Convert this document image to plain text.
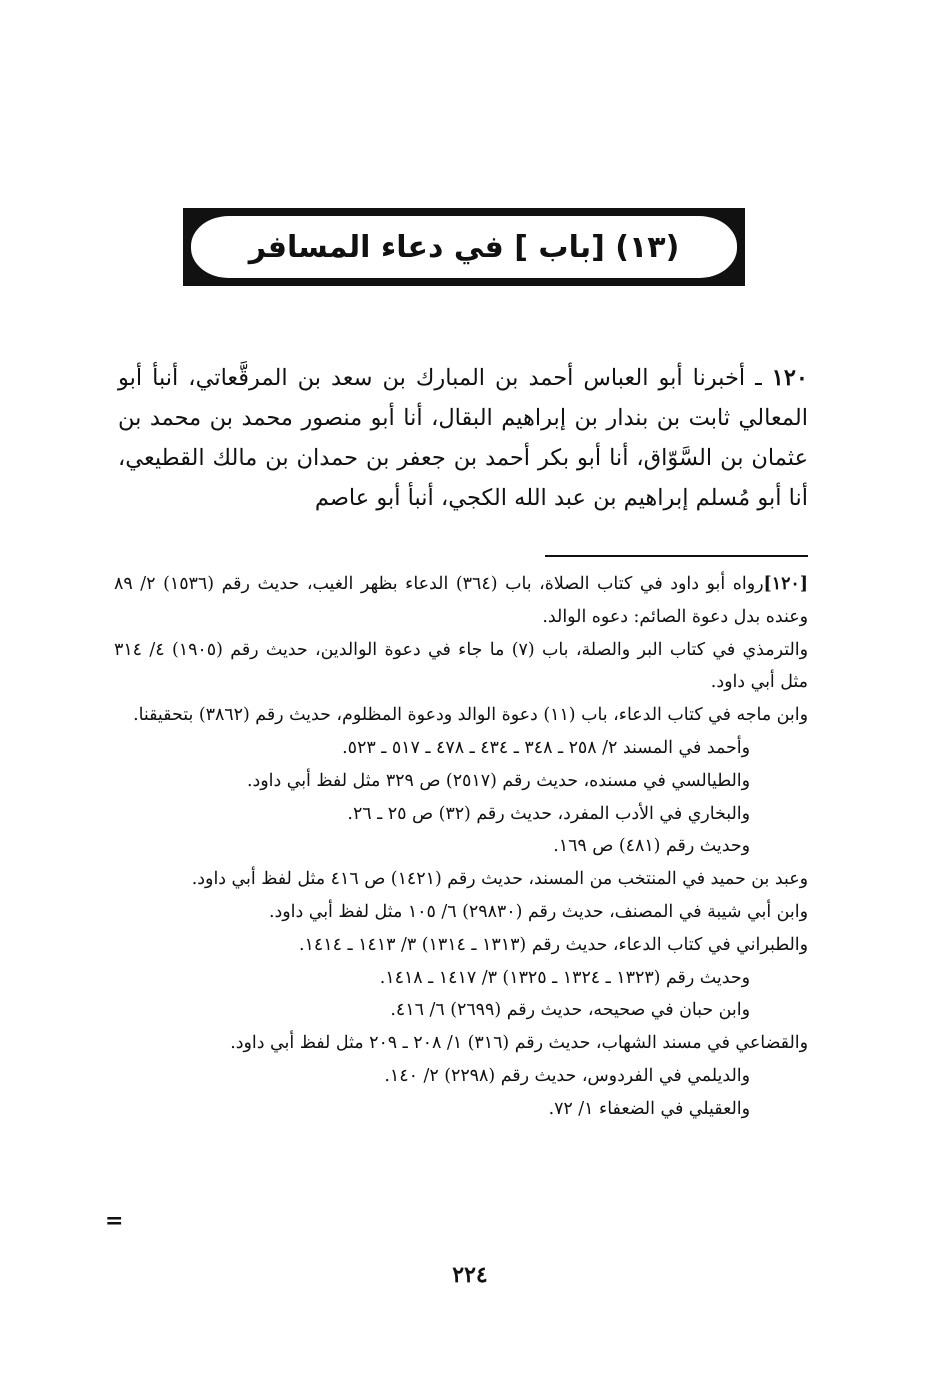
(١٣) [باب ] في دعاء المسافر

١٢٠ ـ أخبرنا أبو العباس أحمد بن المبارك بن سعد بن المرقَّعاتي، أنبأ أبو المعالي ثابت بن بندار بن إبراهيم البقال، أنا أبو منصور محمد بن محمد بن عثمان بن السَّوّاق، أنا أبو بكر أحمد بن جعفر بن حمدان بن مالك القطيعي، أنا أبو مُسلم إبراهيم بن عبد الله الكجي، أنبأ أبو عاصم

[١٢٠]رواه أبو داود في كتاب الصلاة، باب (٣٦٤) الدعاء بظهر الغيب، حديث رقم (١٥٣٦) ٢/ ٨٩ وعنده بدل دعوة الصائم: دعوه الوالد.

والترمذي في كتاب البر والصلة، باب (٧) ما جاء في دعوة الوالدين، حديث رقم (١٩٠٥) ٤/ ٣١٤ مثل أبي داود.

وابن ماجه في كتاب الدعاء، باب (١١) دعوة الوالد ودعوة المظلوم، حديث رقم (٣٨٦٢) بتحقيقنا.

وأحمد في المسند ٢/ ٢٥٨ ـ ٣٤٨ ـ ٤٣٤ ـ ٤٧٨ ـ ٥١٧ ـ ٥٢٣.

والطيالسي في مسنده، حديث رقم (٢٥١٧) ص ٣٢٩ مثل لفظ أبي داود.

والبخاري في الأدب المفرد، حديث رقم (٣٢) ص ٢٥ ـ ٢٦.

وحديث رقم (٤٨١) ص ١٦٩.

وعبد بن حميد في المنتخب من المسند، حديث رقم (١٤٢١) ص ٤١٦ مثل لفظ أبي داود.

وابن أبي شيبة في المصنف، حديث رقم (٢٩٨٣٠) ٦/ ١٠٥ مثل لفظ أبي داود.

والطبراني في كتاب الدعاء، حديث رقم (١٣١٣ ـ ١٣١٤) ٣/ ١٤١٣ ـ ١٤١٤.

وحديث رقم (١٣٢٣ ـ ١٣٢٤ ـ ١٣٢٥) ٣/ ١٤١٧ ـ ١٤١٨.

وابن حبان في صحيحه، حديث رقم (٢٦٩٩) ٦/ ٤١٦.

والقضاعي في مسند الشهاب، حديث رقم (٣١٦) ١/ ٢٠٨ ـ ٢٠٩ مثل لفظ أبي داود.

والديلمي في الفردوس، حديث رقم (٢٢٩٨) ٢/ ١٤٠.

والعقيلي في الضعفاء ١/ ٧٢.

=
٢٢٤
